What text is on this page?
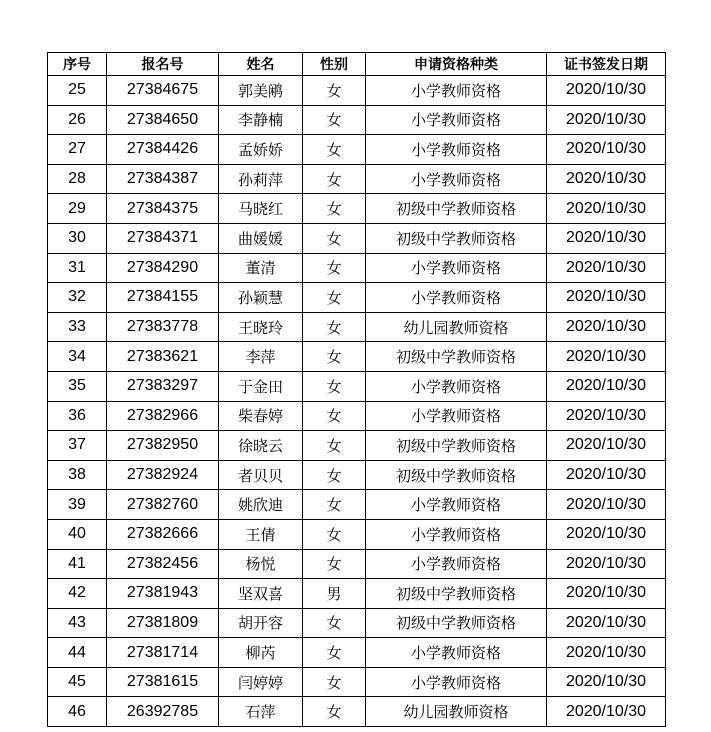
序号	报名号	姓名	性别	申请资格种类	证书签发日期
25	27384675	郭美鹇	女	小学教师资格	2020/10/30
26	27384650	李静楠	女	小学教师资格	2020/10/30
27	27384426	孟娇娇	女	小学教师资格	2020/10/30
28	27384387	孙莉萍	女	小学教师资格	2020/10/30
29	27384375	马晓红	女	初级中学教师资格	2020/10/30
30	27384371	曲媛媛	女	初级中学教师资格	2020/10/30
31	27384290	董清	女	小学教师资格	2020/10/30
32	27384155	孙颖慧	女	小学教师资格	2020/10/30
33	27383778	王晓玲	女	幼儿园教师资格	2020/10/30
34	27383621	李萍	女	初级中学教师资格	2020/10/30
35	27383297	于金田	女	小学教师资格	2020/10/30
36	27382966	柴春婷	女	小学教师资格	2020/10/30
37	27382950	徐晓云	女	初级中学教师资格	2020/10/30
38	27382924	者贝贝	女	初级中学教师资格	2020/10/30
39	27382760	姚欣迪	女	小学教师资格	2020/10/30
40	27382666	王倩	女	小学教师资格	2020/10/30
41	27382456	杨悦	女	小学教师资格	2020/10/30
42	27381943	坚双喜	男	初级中学教师资格	2020/10/30
43	27381809	胡开容	女	初级中学教师资格	2020/10/30
44	27381714	柳芮	女	小学教师资格	2020/10/30
45	27381615	闫婷婷	女	小学教师资格	2020/10/30
46	26392785	石萍	女	幼儿园教师资格	2020/10/30
